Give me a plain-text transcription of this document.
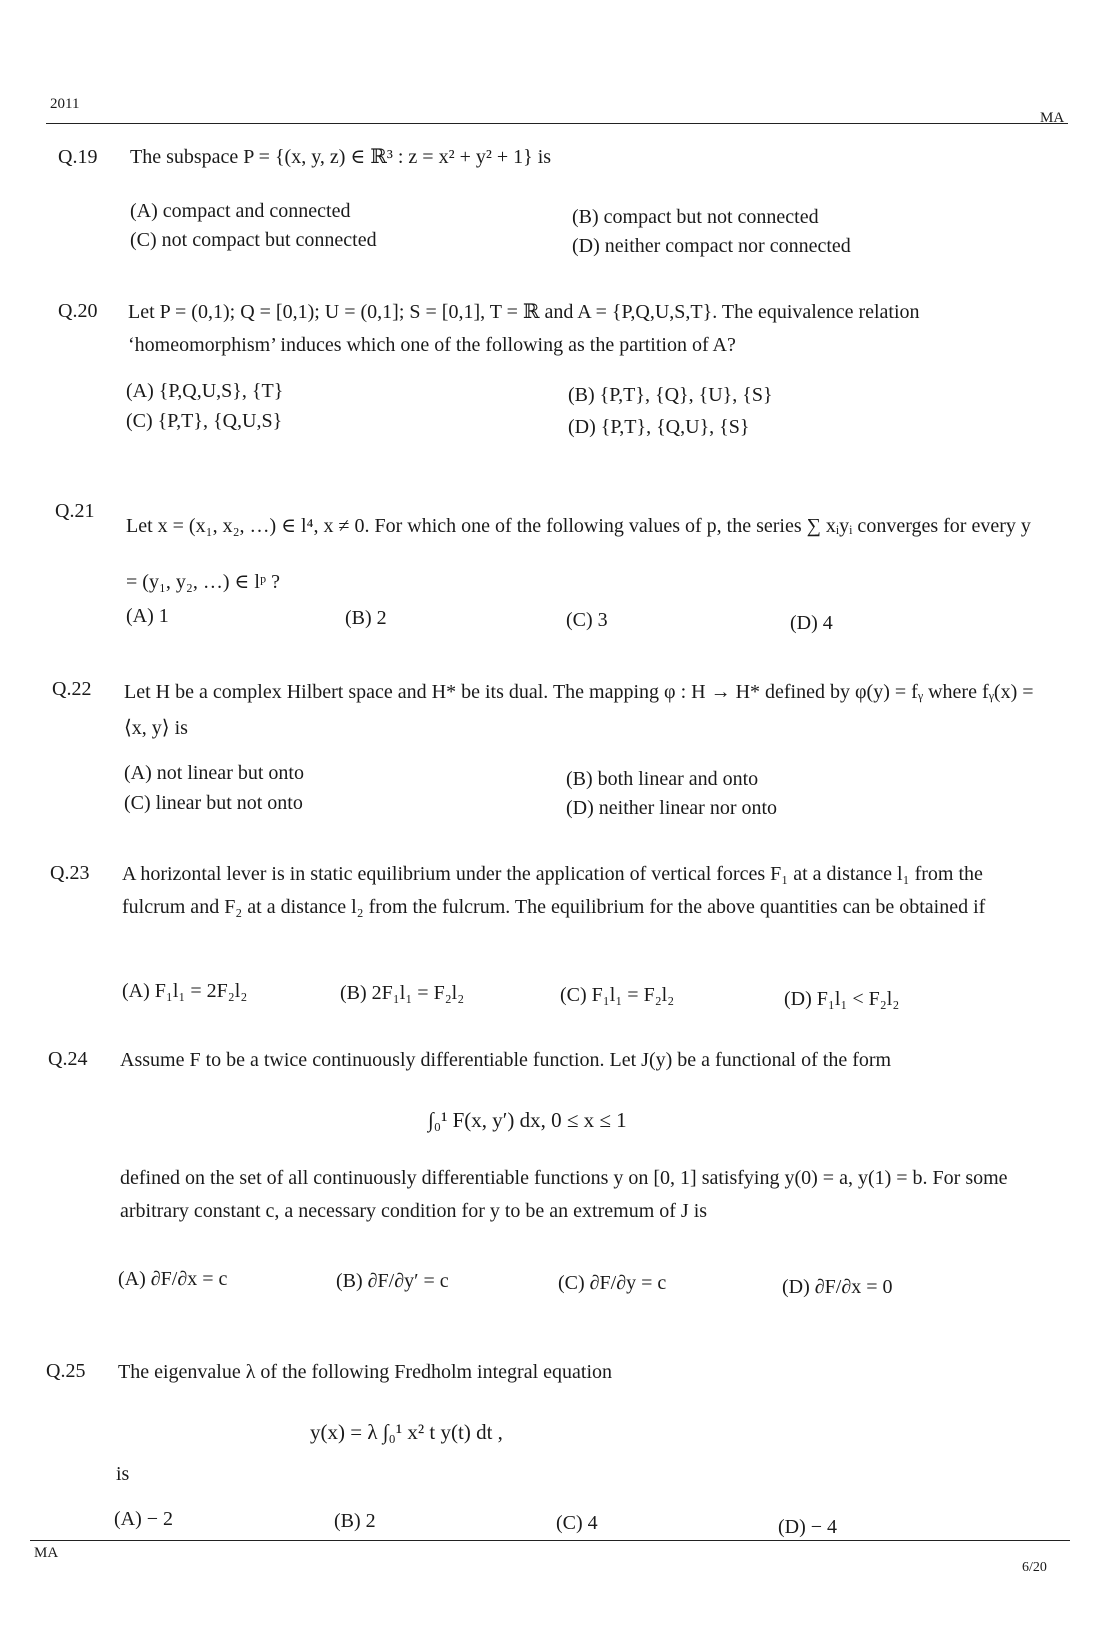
2011
MA
Q.19 The subspace P = {(x, y, z) ∈ ℝ³ : z = x² + y² + 1} is
(A) compact and connected	(B) compact but not connected
(C) not compact but connected	(D) neither compact nor connected
Q.20 Let P = (0,1); Q = [0,1); U = (0,1]; S = [0,1], T = ℝ and A = {P,Q,U,S,T}. The equivalence relation ‘homeomorphism’ induces which one of the following as the partition of A?
(A) {P,Q,U,S}, {T}	(B) {P,T}, {Q}, {U}, {S}
(C) {P,T}, {Q,U,S}	(D) {P,T}, {Q,U}, {S}
Q.21
Let x = (x₁, x₂, …) ∈ l⁴, x ≠ 0. For which one of the following values of p, the series ∑ xᵢyᵢ converges for every y = (y₁, y₂, …) ∈ lᵖ ?
(A) 1	(B) 2	(C) 3	(D) 4
Q.22 Let H be a complex Hilbert space and H* be its dual. The mapping φ : H → H* defined by φ(y) = fᵧ where fᵧ(x) = ⟨x, y⟩ is
(A) not linear but onto	(B) both linear and onto
(C) linear but not onto	(D) neither linear nor onto
Q.23 A horizontal lever is in static equilibrium under the application of vertical forces F₁ at a distance l₁ from the fulcrum and F₂ at a distance l₂ from the fulcrum. The equilibrium for the above quantities can be obtained if
(A) F₁l₁ = 2F₂l₂	(B) 2F₁l₁ = F₂l₂	(C) F₁l₁ = F₂l₂	(D) F₁l₁ < F₂l₂
Q.24 Assume F to be a twice continuously differentiable function. Let J(y) be a functional of the form
∫₀¹ F(x, y′) dx, 0 ≤ x ≤ 1
defined on the set of all continuously differentiable functions y on [0, 1] satisfying y(0) = a, y(1) = b. For some arbitrary constant c, a necessary condition for y to be an extremum of J is
(A) ∂F/∂x = c	(B) ∂F/∂y′ = c	(C) ∂F/∂y = c	(D) ∂F/∂x = 0
Q.25 The eigenvalue λ of the following Fredholm integral equation
y(x) = λ ∫₀¹ x² t y(t) dt ,
is
(A) − 2	(B) 2	(C) 4	(D) − 4
MA
6/20
